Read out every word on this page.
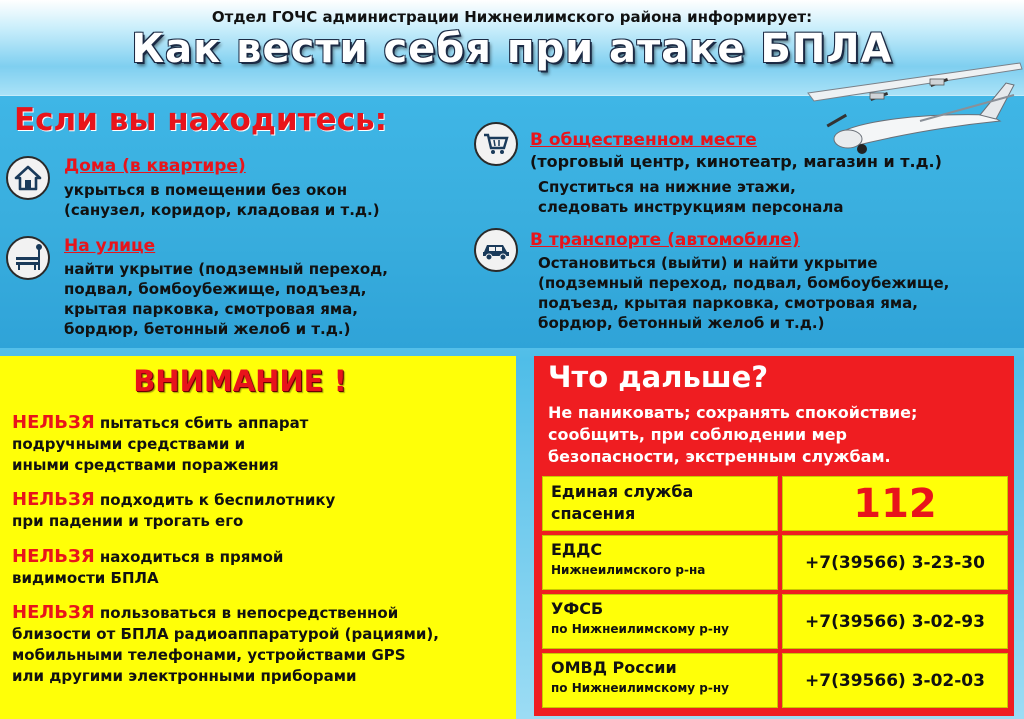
Отдел ГОЧС администрации Нижнеилимского района информирует:
Как вести себя при атаке БПЛА
Если вы находитесь:
Дома (в квартире)
укрыться в помещении без окон
(санузел, коридор, кладовая и т.д.)
На улице
найти укрытие (подземный переход,
подвал, бомбоубежище, подъезд,
крытая парковка, смотровая яма,
бордюр, бетонный желоб и т.д.)
В общественном месте
(торговый центр, кинотеатр, магазин и т.д.)
Спуститься на нижние этажи,
следовать инструкциям персонала
В транспорте (автомобиле)
Остановиться (выйти) и найти укрытие
(подземный переход, подвал, бомбоубежище,
подъезд, крытая парковка, смотровая яма,
бордюр, бетонный желоб и т.д.)
ВНИМАНИЕ !
НЕЛЬЗЯ пытаться сбить аппарат
подручными средствами и
иными средствами поражения
НЕЛЬЗЯ подходить к беспилотнику
при падении и трогать его
НЕЛЬЗЯ находиться в прямой
видимости БПЛА
НЕЛЬЗЯ пользоваться в непосредственной
близости от БПЛА радиоаппаратурой (рациями),
мобильными телефонами, устройствами GPS
или другими электронными приборами
Что дальше?
Не паниковать; сохранять спокойствие;
сообщить, при соблюдении мер
безопасности, экстренным службам.
Единая служба
спасения	112
ЕДДС
Нижнеилимского р-на	+7(39566) 3-23-30
УФСБ
по Нижнеилимскому р-ну	+7(39566) 3-02-93
ОМВД России
по Нижнеилимскому р-ну	+7(39566) 3-02-03
